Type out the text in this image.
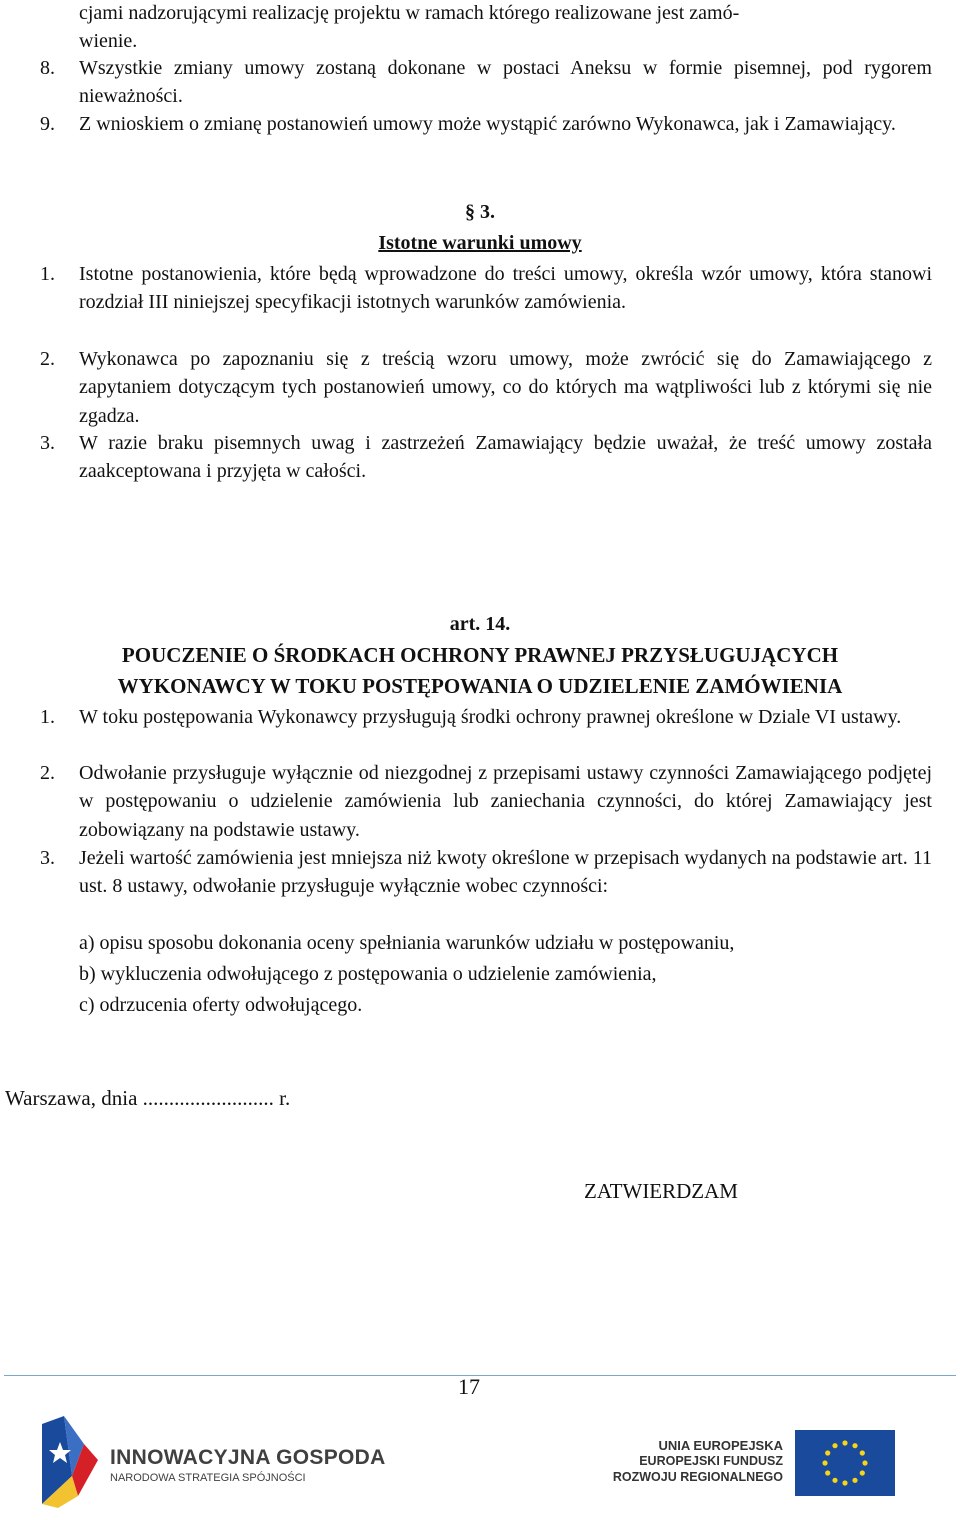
cjami nadzorującymi realizację projektu w ramach którego realizowane jest zamó-
wienie.
8.	Wszystkie zmiany umowy zostaną dokonane w postaci Aneksu w formie pisemnej, pod rygorem nieważności.
9.	Z wnioskiem o zmianę postanowień umowy może wystąpić zarówno Wykonawca, jak i Zamawiający.
§ 3.
Istotne warunki umowy
1.	Istotne postanowienia, które będą wprowadzone do treści umowy, określa wzór umowy, która stanowi rozdział III niniejszej specyfikacji istotnych warunków zamówienia.
2.	Wykonawca po zapoznaniu się z treścią wzoru umowy, może zwrócić się do Zamawiającego z zapytaniem dotyczącym tych postanowień umowy, co do których ma wątpliwości lub z którymi się nie zgadza.
3.	W razie braku pisemnych uwag i zastrzeżeń Zamawiający będzie uważał, że treść umowy została zaakceptowana i przyjęta w całości.
art. 14.
POUCZENIE O ŚRODKACH OCHRONY PRAWNEJ PRZYSŁUGUJĄCYCH
WYKONAWCY W TOKU POSTĘPOWANIA O UDZIELENIE ZAMÓWIENIA
1.	W toku postępowania Wykonawcy przysługują środki ochrony prawnej określone w Dziale VI ustawy.
2.	Odwołanie przysługuje wyłącznie od niezgodnej z przepisami ustawy czynności Zamawiającego podjętej w postępowaniu o udzielenie zamówienia lub zaniechania czynności, do której Zamawiający jest zobowiązany na podstawie ustawy.
3.	Jeżeli wartość zamówienia jest mniejsza niż kwoty określone w przepisach wydanych na podstawie art. 11 ust. 8 ustawy, odwołanie przysługuje wyłącznie wobec czynności:
a) opisu sposobu dokonania oceny spełniania warunków udziału w postępowaniu,
b) wykluczenia odwołującego z postępowania o udzielenie zamówienia,
c) odrzucenia oferty odwołującego.
Warszawa, dnia ......................... r.
ZATWIERDZAM
17
INNOWACYJNA GOSPODA
NARODOWA STRATEGIA SPÓJNOŚCI
UNIA EUROPEJSKA
EUROPEJSKI FUNDUSZ
ROZWOJU REGIONALNEGO
